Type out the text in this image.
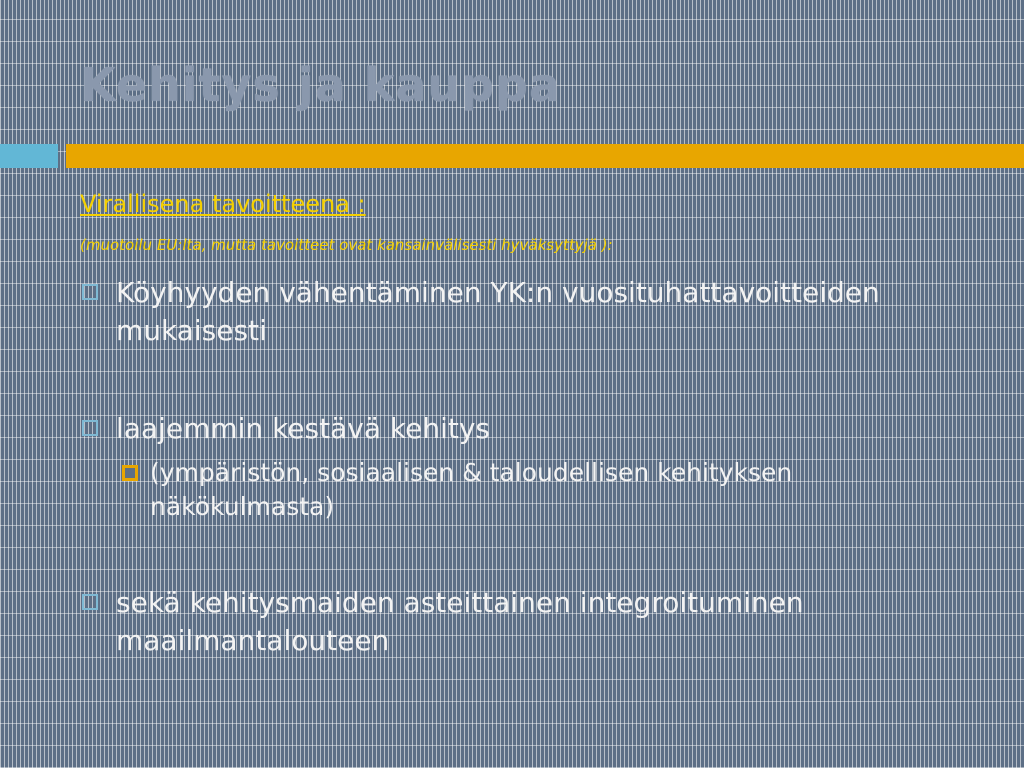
Kehitys ja kauppa
Virallisena tavoitteena :
(muotoilu EU:lta, mutta tavoitteet ovat kansainvälisesti hyväksyttyjä ):
Köyhyyden vähentäminen YK:n vuosituhattavoitteiden mukaisesti
laajemmin kestävä kehitys
(ympäristön, sosiaalisen & taloudellisen kehityksen näkökulmasta)
sekä kehitysmaiden asteittainen integroituminen maailmantalouteen
